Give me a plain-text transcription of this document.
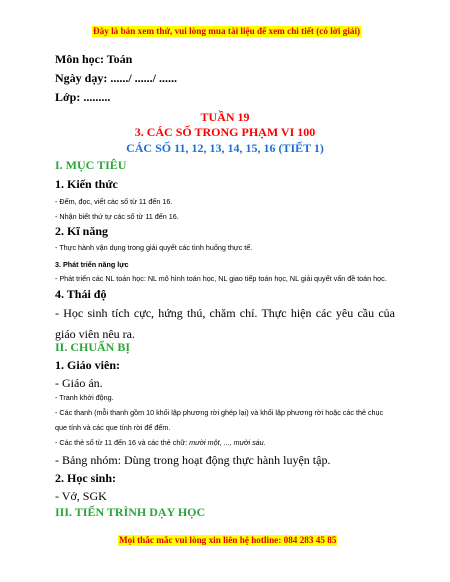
Đây là bản xem thử, vui lòng mua tài liệu để xem chi tiết (có lời giải)
Môn học: Toán
Ngày dạy: ....../ ....../ ......
Lớp: .........
TUẦN 19
3. CÁC SỐ TRONG PHẠM VI 100
CÁC SỐ 11, 12, 13, 14, 15, 16 (TIẾT 1)
I. MỤC TIÊU
1. Kiến thức
- Đếm, đọc, viết các số từ 11 đến 16.
- Nhận biết thứ tự các số từ 11 đến 16.
2. Kĩ năng
- Thực hành vận dụng trong giải quyết các tình huống thực tế.
3. Phát triển năng lực
- Phát triển các NL toán học: NL mô hình toán học, NL giao tiếp toán học, NL giải quyết vấn đề toán học.
4. Thái độ
- Học sinh tích cực, hứng thú, chăm chỉ. Thực hiện các yêu cầu của giáo viên nêu ra.
II. CHUẨN BỊ
1. Giáo viên:
- Giáo án.
- Tranh khởi động.
- Các thanh (mỗi thanh gồm 10 khối lập phương rời ghép lại) và khối lập phương rời hoặc các thẻ chục
que tính và các que tính rời để đếm.
- Các thẻ số từ 11 đến 16 và các thẻ chữ: mười một, ..., mười sáu.
- Bảng nhóm: Dùng trong hoạt động thực hành luyện tập.
2. Học sinh:
- Vở, SGK
III. TIẾN TRÌNH DẠY HỌC
Mọi thắc mắc vui lòng xin liên hệ hotline: 084 283 45 85
